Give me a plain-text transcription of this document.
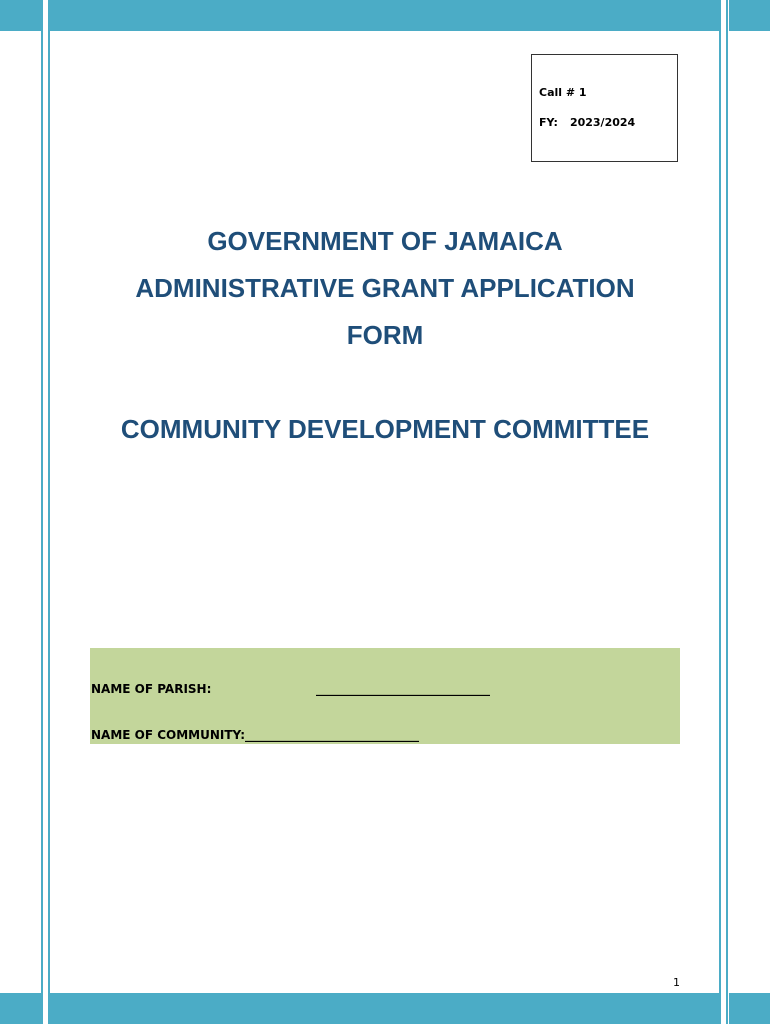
Call # 1
FY: 2023/2024
GOVERNMENT OF JAMAICA
ADMINISTRATIVE GRANT APPLICATION
FORM
COMMUNITY DEVELOPMENT COMMITTEE
NAME OF PARISH:	_____________________________
NAME OF COMMUNITY:_____________________________
1
